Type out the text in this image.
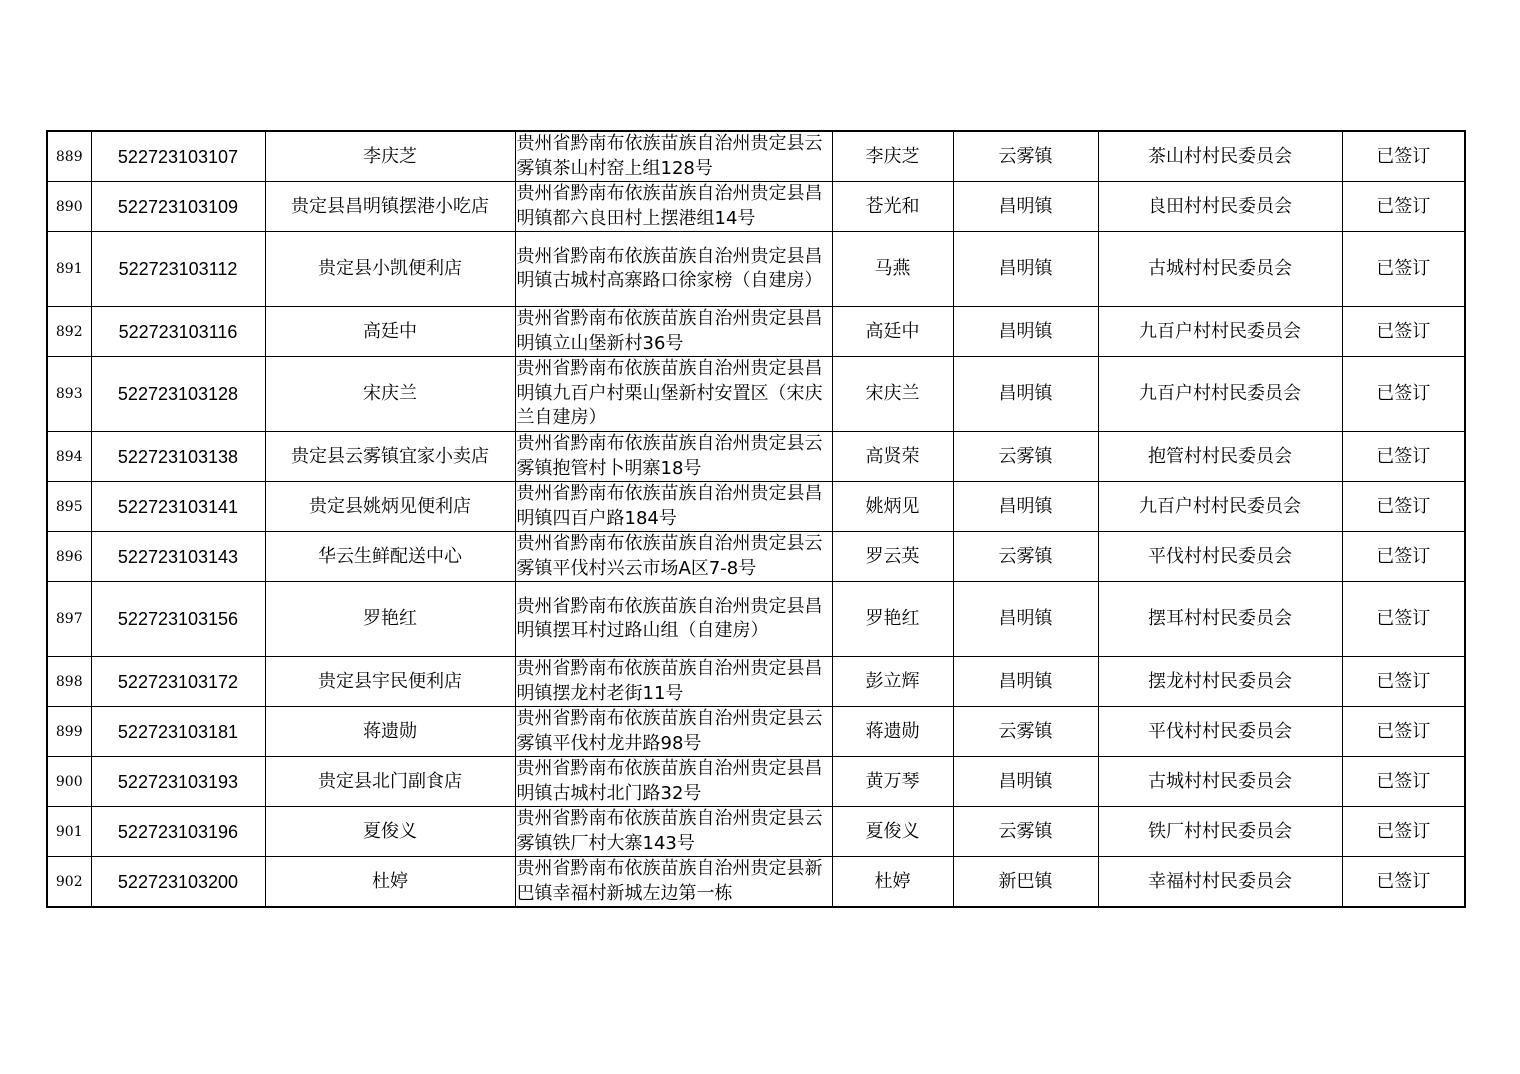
889	522723103107	李庆芝	贵州省黔南布依族苗族自治州贵定县云雾镇茶山村窑上组128号	李庆芝	云雾镇	茶山村村民委员会	已签订
890	522723103109	贵定县昌明镇摆港小吃店	贵州省黔南布依族苗族自治州贵定县昌明镇都六良田村上摆港组14号	苍光和	昌明镇	良田村村民委员会	已签订
891	522723103112	贵定县小凯便利店	贵州省黔南布依族苗族自治州贵定县昌明镇古城村高寨路口徐家榜（自建房）	马燕	昌明镇	古城村村民委员会	已签订
892	522723103116	高廷中	贵州省黔南布依族苗族自治州贵定县昌明镇立山堡新村36号	高廷中	昌明镇	九百户村村民委员会	已签订
893	522723103128	宋庆兰	贵州省黔南布依族苗族自治州贵定县昌明镇九百户村栗山堡新村安置区（宋庆兰自建房）	宋庆兰	昌明镇	九百户村村民委员会	已签订
894	522723103138	贵定县云雾镇宜家小卖店	贵州省黔南布依族苗族自治州贵定县云雾镇抱管村卜明寨18号	高贤荣	云雾镇	抱管村村民委员会	已签订
895	522723103141	贵定县姚炳见便利店	贵州省黔南布依族苗族自治州贵定县昌明镇四百户路184号	姚炳见	昌明镇	九百户村村民委员会	已签订
896	522723103143	华云生鲜配送中心	贵州省黔南布依族苗族自治州贵定县云雾镇平伐村兴云市场A区7-8号	罗云英	云雾镇	平伐村村民委员会	已签订
897	522723103156	罗艳红	贵州省黔南布依族苗族自治州贵定县昌明镇摆耳村过路山组（自建房）	罗艳红	昌明镇	摆耳村村民委员会	已签订
898	522723103172	贵定县宇民便利店	贵州省黔南布依族苗族自治州贵定县昌明镇摆龙村老街11号	彭立辉	昌明镇	摆龙村村民委员会	已签订
899	522723103181	蒋遗勋	贵州省黔南布依族苗族自治州贵定县云雾镇平伐村龙井路98号	蒋遗勋	云雾镇	平伐村村民委员会	已签订
900	522723103193	贵定县北门副食店	贵州省黔南布依族苗族自治州贵定县昌明镇古城村北门路32号	黄万琴	昌明镇	古城村村民委员会	已签订
901	522723103196	夏俊义	贵州省黔南布依族苗族自治州贵定县云雾镇铁厂村大寨143号	夏俊义	云雾镇	铁厂村村民委员会	已签订
902	522723103200	杜婷	贵州省黔南布依族苗族自治州贵定县新巴镇幸福村新城左边第一栋	杜婷	新巴镇	幸福村村民委员会	已签订
